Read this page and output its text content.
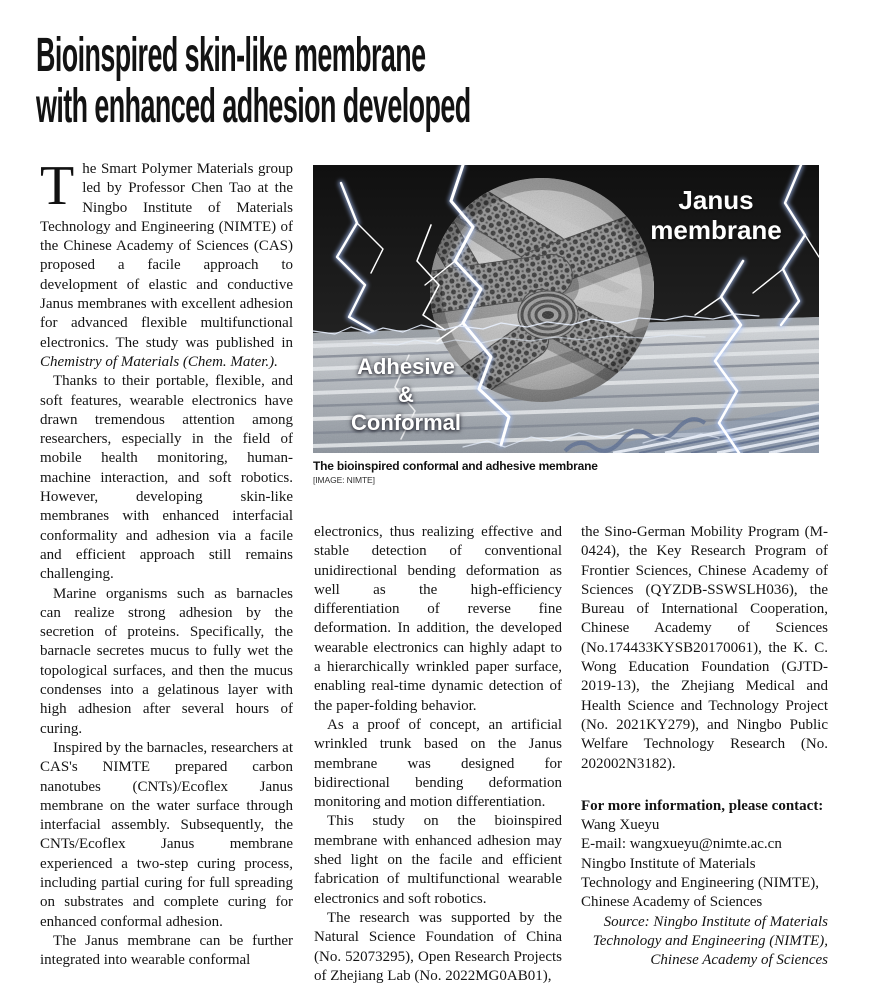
Bioinspired skin-like membrane
with enhanced adhesion developed

The Smart Polymer Materials group led by Professor Chen Tao at the Ningbo Institute of Materials Technology and Engineering (NIMTE) of the Chinese Academy of Sciences (CAS) proposed a facile approach to development of elastic and conductive Janus membranes with excellent adhesion for advanced flexible multifunctional electronics. The study was published in Chemistry of Materials (Chem. Mater.).

Thanks to their portable, flexible, and soft features, wearable electronics have drawn tremendous attention among researchers, especially in the field of mobile health monitoring, human-machine interaction, and soft robotics. However, developing skin-like membranes with enhanced interfacial conformality and adhesion via a facile and efficient approach still remains challenging.

Marine organisms such as barnacles can realize strong adhesion by the secretion of proteins. Specifically, the barnacle secretes mucus to fully wet the topological surfaces, and then the mucus condenses into a gelatinous layer with high adhesion after several hours of curing.

Inspired by the barnacles, researchers at CAS's NIMTE prepared carbon nanotubes (CNTs)/Ecoflex Janus membrane on the water surface through interfacial assembly. Subsequently, the CNTs/Ecoflex Janus membrane experienced a two-step curing process, including partial curing for full spreading on substrates and complete curing for enhanced conformal adhesion.

The Janus membrane can be further integrated into wearable conformal

Janus
membrane
Adhesive
&
Conformal
The bioinspired conformal and adhesive membrane
[IMAGE: NIMTE]

electronics, thus realizing effective and stable detection of conventional unidirectional bending deformation as well as the high-efficiency differentiation of reverse fine deformation. In addition, the developed wearable electronics can highly adapt to a hierarchically wrinkled paper surface, enabling real-time dynamic detection of the paper-folding behavior.

As a proof of concept, an artificial wrinkled trunk based on the Janus membrane was designed for bidirectional bending deformation monitoring and motion differentiation.

This study on the bioinspired membrane with enhanced adhesion may shed light on the facile and efficient fabrication of multifunctional wearable electronics and soft robotics.

The research was supported by the Natural Science Foundation of China (No. 52073295), Open Research Projects of Zhejiang Lab (No. 2022MG0AB01),

the Sino-German Mobility Program (M-0424), the Key Research Program of Frontier Sciences, Chinese Academy of Sciences (QYZDB-SSWSLH036), the Bureau of International Cooperation, Chinese Academy of Sciences (No.174433KYSB20170061), the K. C. Wong Education Foundation (GJTD-2019-13), the Zhejiang Medical and Health Science and Technology Project (No. 2021KY279), and Ningbo Public Welfare Technology Research (No. 202002N3182).

For more information, please contact:

Wang Xueyu

E-mail: wangxueyu@nimte.ac.cn

Ningbo Institute of Materials Technology and Engineering (NIMTE),

Chinese Academy of Sciences

Source: Ningbo Institute of Materials Technology and Engineering (NIMTE), Chinese Academy of Sciences
